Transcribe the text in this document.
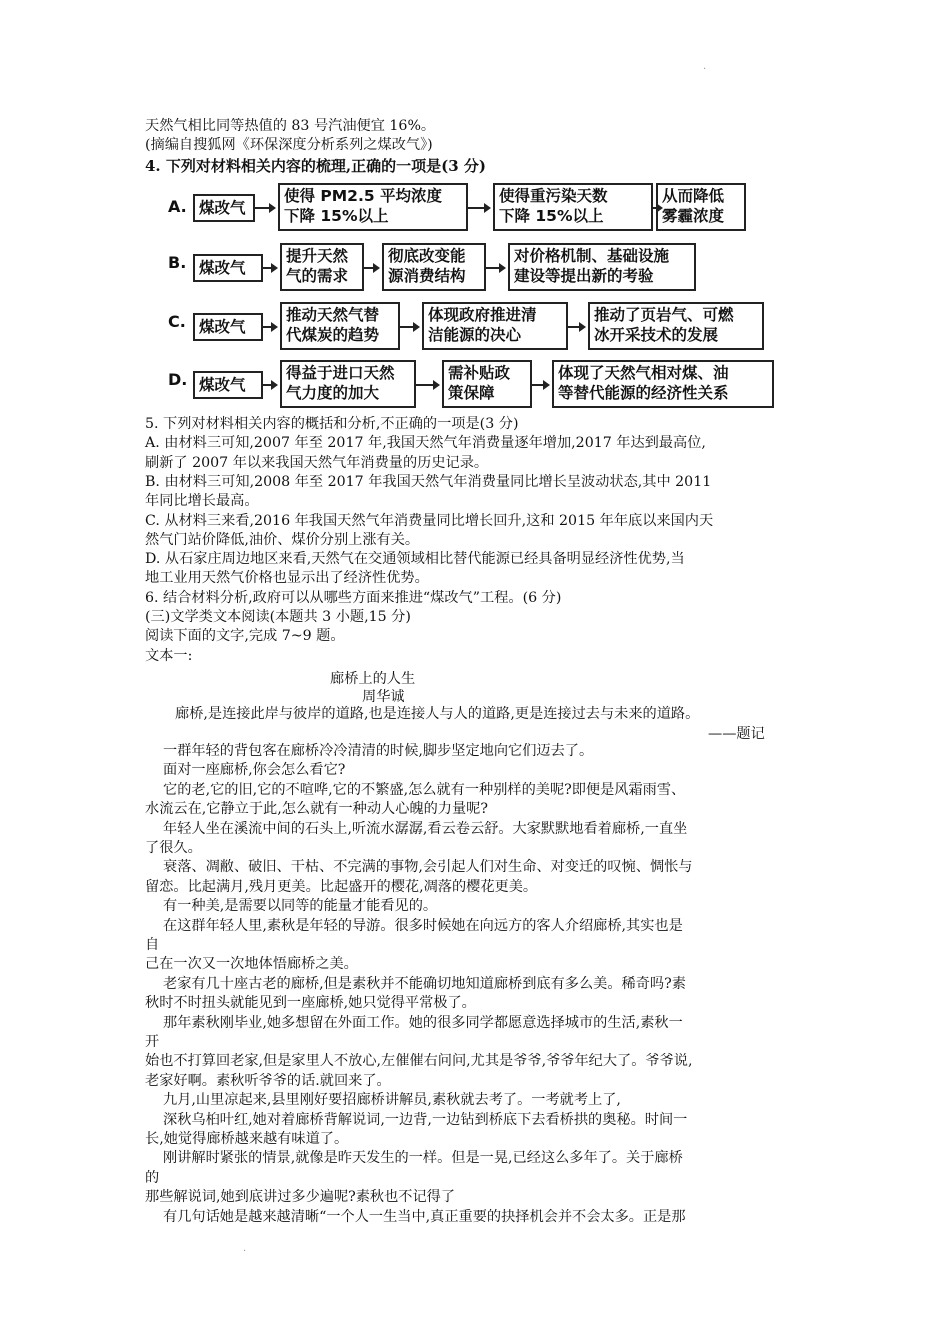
·
·
天然气相比同等热值的 83 号汽油便宜 16%。
(摘编自搜狐网《环保深度分析系列之煤改气》)
4. 下列对材料相关内容的梳理,正确的一项是(3 分)
A. 煤改气
使得 PM2.5 平均浓度
下降 15%以上
使得重污染天数
下降 15%以上
从而降低
雾霾浓度
B. 煤改气
提升天然
气的需求
彻底改变能
源消费结构
对价格机制、基础设施
建设等提出新的考验
C. 煤改气
推动天然气替
代煤炭的趋势
体现政府推进清
洁能源的决心
推动了页岩气、可燃
冰开采技术的发展
D. 煤改气
得益于进口天然
气力度的加大
需补贴政
策保障
体现了天然气相对煤、油
等替代能源的经济性关系
5. 下列对材料相关内容的概括和分析,不正确的一项是(3 分)
A. 由材料三可知,2007 年至 2017 年,我国天然气年消费量逐年增加,2017 年达到最高位,
刷新了 2007 年以来我国天然气年消费量的历史记录。
B. 由材料三可知,2008 年至 2017 年我国天然气年消费量同比增长呈波动状态,其中 2011
年同比增长最高。
C. 从材料三来看,2016 年我国天然气年消费量同比增长回升,这和 2015 年年底以来国内天
然气门站价降低,油价、煤价分别上涨有关。
D. 从石家庄周边地区来看,天然气在交通领域相比替代能源已经具备明显经济性优势,当
地工业用天然气价格也显示出了经济性优势。
6. 结合材料分析,政府可以从哪些方面来推进“煤改气”工程。(6 分)
(三)文学类文本阅读(本题共 3 小题,15 分)
阅读下面的文字,完成 7~9 题。
文本一:
廊桥上的人生
周华诚
廊桥,是连接此岸与彼岸的道路,也是连接人与人的道路,更是连接过去与未来的道路。
——题记
一群年轻的背包客在廊桥冷冷清清的时候,脚步坚定地向它们迈去了。
面对一座廊桥,你会怎么看它?
它的老,它的旧,它的不喧哗,它的不繁盛,怎么就有一种别样的美呢?即便是风霜雨雪、
水流云在,它静立于此,怎么就有一种动人心魄的力量呢?
年轻人坐在溪流中间的石头上,听流水潺潺,看云卷云舒。大家默默地看着廊桥,一直坐
了很久。
衰落、凋敝、破旧、干枯、不完满的事物,会引起人们对生命、对变迁的叹惋、惆怅与
留恋。比起满月,残月更美。比起盛开的樱花,凋落的樱花更美。
有一种美,是需要以同等的能量才能看见的。
在这群年轻人里,素秋是年轻的导游。很多时候她在向远方的客人介绍廊桥,其实也是
自
己在一次又一次地体悟廊桥之美。
老家有几十座古老的廊桥,但是素秋并不能确切地知道廊桥到底有多么美。稀奇吗?素
秋时不时扭头就能见到一座廊桥,她只觉得平常极了。
那年素秋刚毕业,她多想留在外面工作。她的很多同学都愿意选择城市的生活,素秋一
开
始也不打算回老家,但是家里人不放心,左催催右问问,尤其是爷爷,爷爷年纪大了。爷爷说,
老家好啊。素秋听爷爷的话.就回来了。
九月,山里凉起来,县里刚好要招廊桥讲解员,素秋就去考了。一考就考上了,
深秋乌桕叶红,她对着廊桥背解说词,一边背,一边钻到桥底下去看桥拱的奥秘。时间一
长,她觉得廊桥越来越有味道了。
刚讲解时紧张的情景,就像是昨天发生的一样。但是一晃,已经这么多年了。关于廊桥
的
那些解说词,她到底讲过多少遍呢?素秋也不记得了
有几句话她是越来越清晰“一个人一生当中,真正重要的抉择机会并不会太多。正是那
